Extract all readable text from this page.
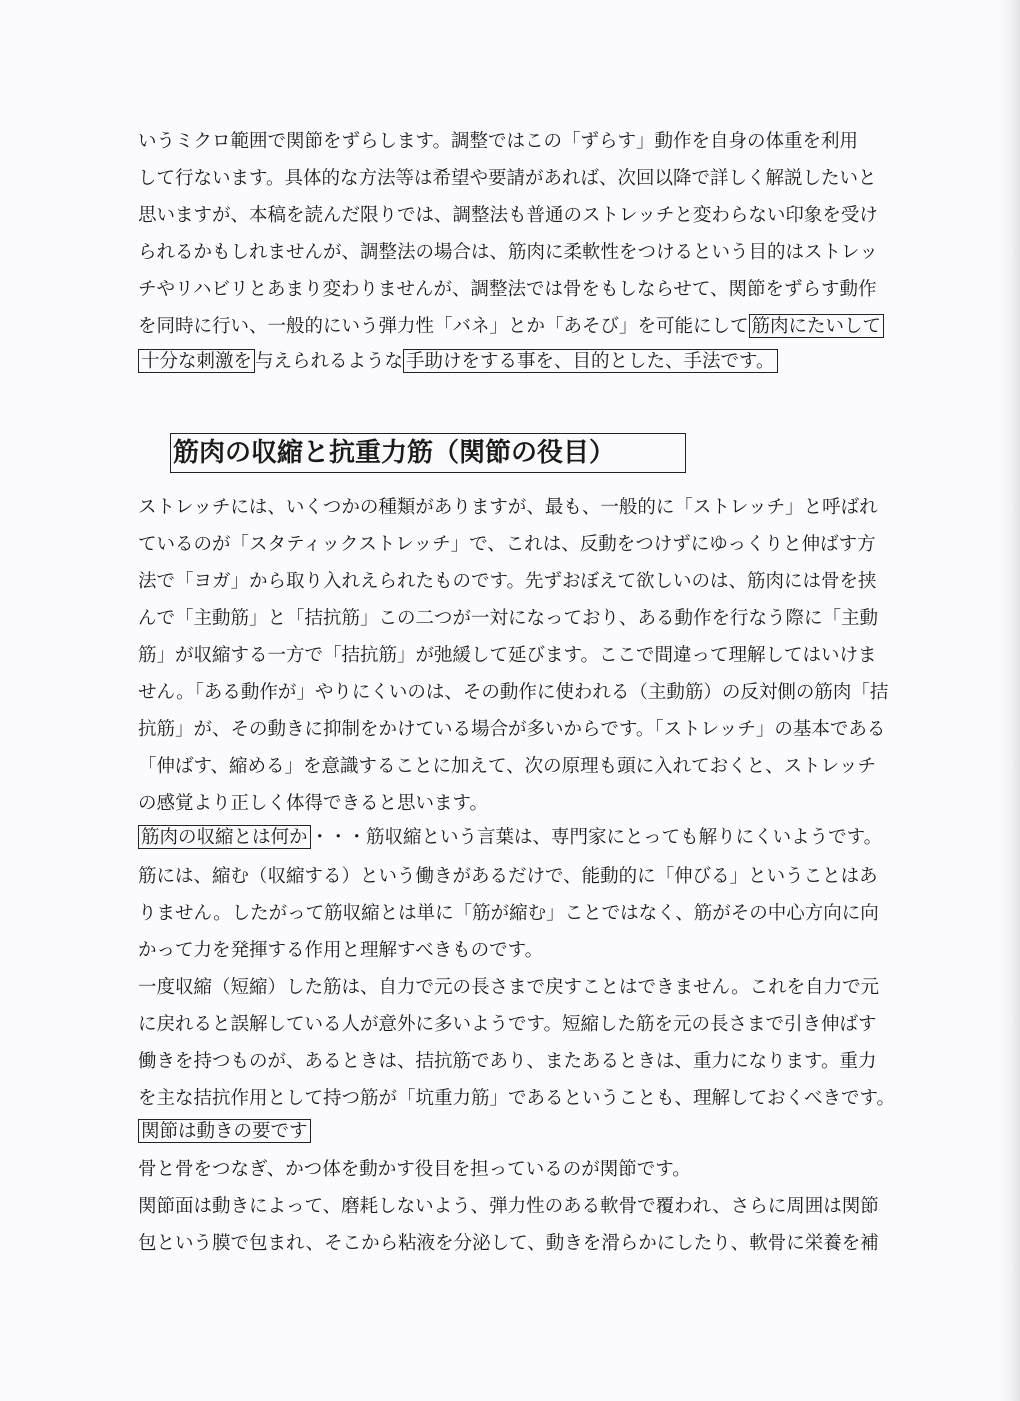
いうミクロ範囲で関節をずらします。調整ではこの「ずらす」動作を自身の体重を利用
して行ないます。具体的な方法等は希望や要請があれば、次回以降で詳しく解説したいと
思いますが、本稿を読んだ限りでは、調整法も普通のストレッチと変わらない印象を受け
られるかもしれませんが、調整法の場合は、筋肉に柔軟性をつけるという目的はストレッ
チやリハビリとあまり変わりませんが、調整法では骨をもしならせて、関節をずらす動作
を同時に行い、一般的にいう弾力性「バネ」とか「あそび」を可能にして 筋肉にたいして
十分な刺激を 与えられるような 手助けをする事を、目的とした、手法です。
筋肉の収縮と抗重力筋（関節の役目）
ストレッチには、いくつかの種類がありますが、最も、一般的に「ストレッチ」と呼ばれ
ているのが「スタティックストレッチ」で、これは、反動をつけずにゆっくりと伸ばす方
法で「ヨガ」から取り入れえられたものです。先ずおぼえて欲しいのは、筋肉には骨を挟
んで「主動筋」と「拮抗筋」この二つが一対になっており、ある動作を行なう際に「主動
筋」が収縮する一方で「拮抗筋」が弛緩して延びます。ここで間違って理解してはいけま
せん。「ある動作が」やりにくいのは、その動作に使われる（主動筋）の反対側の筋肉「拮
抗筋」が、その動きに抑制をかけている場合が多いからです。「ストレッチ」の基本である
「伸ばす、縮める」を意識することに加えて、次の原理も頭に入れておくと、ストレッチ
の感覚より正しく体得できると思います。
筋肉の収縮とは何か ・・・筋収縮という言葉は、専門家にとっても解りにくいようです。
筋には、縮む（収縮する）という働きがあるだけで、能動的に「伸びる」ということはあ
りません。したがって筋収縮とは単に「筋が縮む」ことではなく、筋がその中心方向に向
かって力を発揮する作用と理解すべきものです。
一度収縮（短縮）した筋は、自力で元の長さまで戻すことはできません。これを自力で元
に戻れると誤解している人が意外に多いようです。短縮した筋を元の長さまで引き伸ばす
働きを持つものが、あるときは、拮抗筋であり、またあるときは、重力になります。重力
を主な拮抗作用として持つ筋が「坑重力筋」であるということも、理解しておくべきです。
関節は動きの要です
骨と骨をつなぎ、かつ体を動かす役目を担っているのが関節です。
関節面は動きによって、磨耗しないよう、弾力性のある軟骨で覆われ、さらに周囲は関節
包という膜で包まれ、そこから粘液を分泌して、動きを滑らかにしたり、軟骨に栄養を補
